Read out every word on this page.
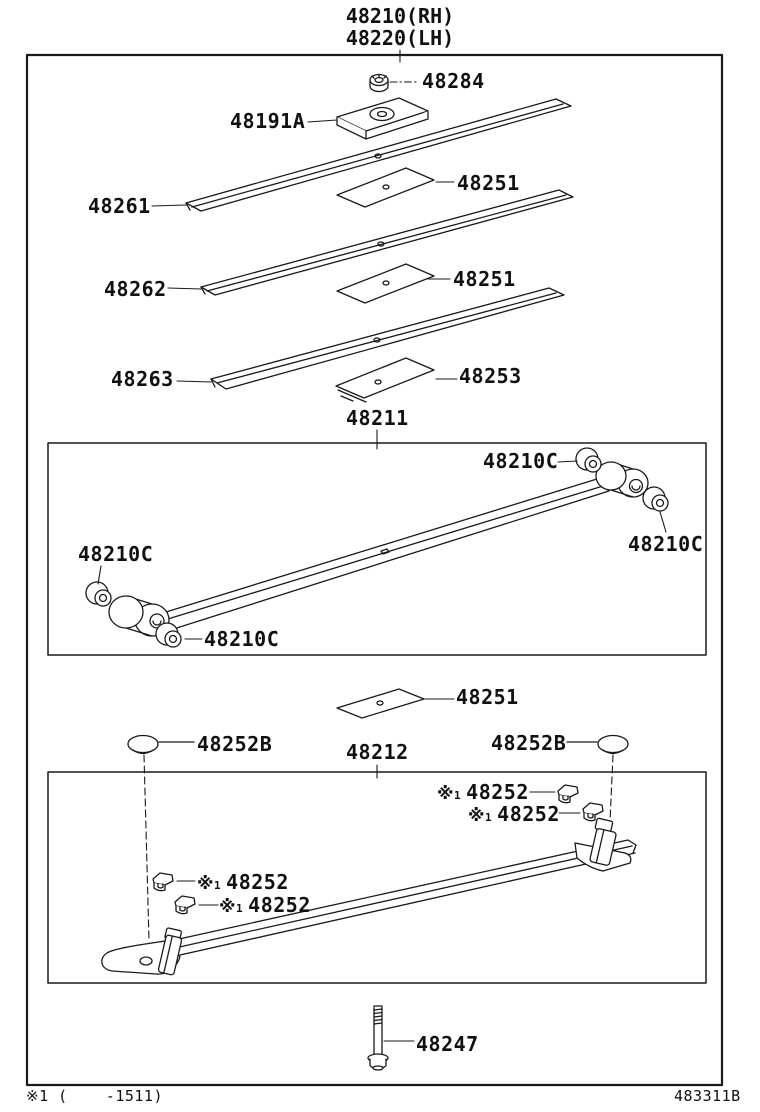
48210(RH)
48220(LH)
48284
48191A
48261
48251
48262	48251
48263	48253
48211
48210C
48210C
48210C
48210C
48251
48252B	48212	48252B
※1 48252
※1 48252
※1 48252
※1 48252
48247
※1 (    -1511)	483311B
